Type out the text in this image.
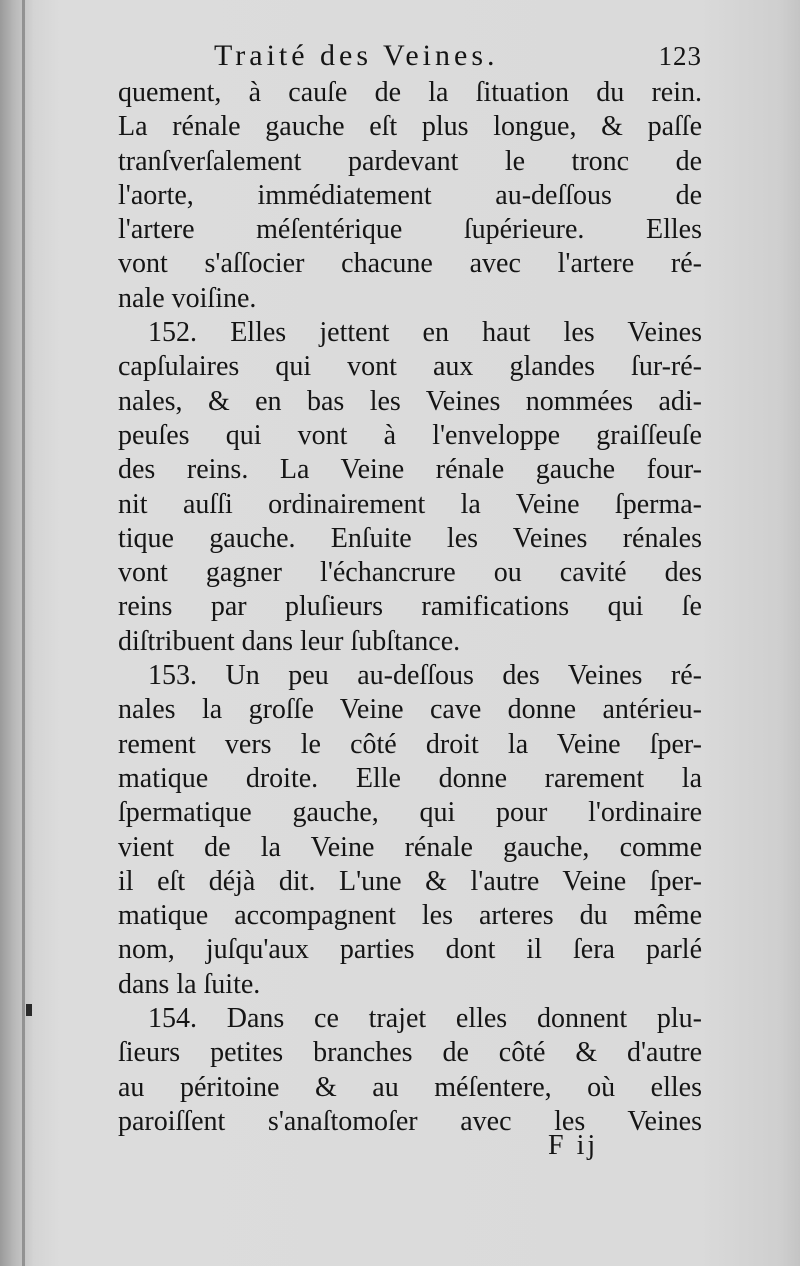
Traité des Veines.	123
quement, à cauſe de la ſituation du rein.
La rénale gauche eſt plus longue, & paſſe
tranſverſalement pardevant le tronc de
l'aorte, immédiatement au-deſſous de
l'artere méſentérique ſupérieure. Elles
vont s'aſſocier chacune avec l'artere ré-
nale voiſine.
152. Elles jettent en haut les Veines
capſulaires qui vont aux glandes ſur-ré-
nales, & en bas les Veines nommées adi-
peuſes qui vont à l'enveloppe graiſſeuſe
des reins. La Veine rénale gauche four-
nit auſſi ordinairement la Veine ſperma-
tique gauche. Enſuite les Veines rénales
vont gagner l'échancrure ou cavité des
reins par pluſieurs ramifications qui ſe
diſtribuent dans leur ſubſtance.
153. Un peu au-deſſous des Veines ré-
nales la groſſe Veine cave donne antérieu-
rement vers le côté droit la Veine ſper-
matique droite. Elle donne rarement la
ſpermatique gauche, qui pour l'ordinaire
vient de la Veine rénale gauche, comme
il eſt déjà dit. L'une & l'autre Veine ſper-
matique accompagnent les arteres du même
nom, juſqu'aux parties dont il ſera parlé
dans la ſuite.
154. Dans ce trajet elles donnent plu-
ſieurs petites branches de côté & d'autre
au péritoine & au méſentere, où elles
paroiſſent s'anaſtomoſer avec les Veines
F ij
